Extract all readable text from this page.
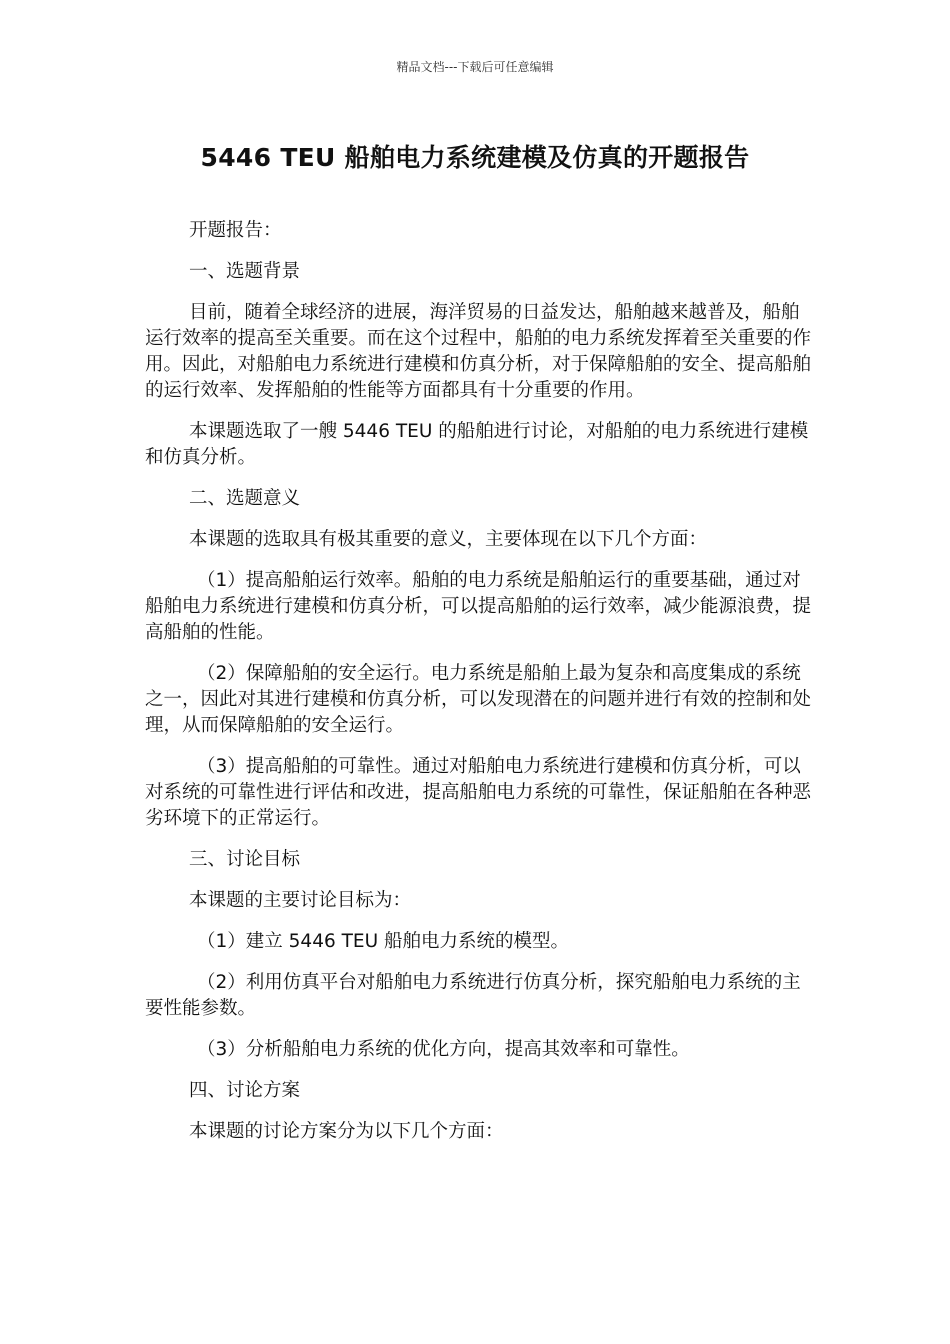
精品文档---下载后可任意编辑
5446 TEU 船舶电力系统建模及仿真的开题报告

开题报告：

一、选题背景

目前，随着全球经济的进展，海洋贸易的日益发达，船舶越来越普及，船舶运行效率的提高至关重要。而在这个过程中，船舶的电力系统发挥着至关重要的作用。因此，对船舶电力系统进行建模和仿真分析，对于保障船舶的安全、提高船舶的运行效率、发挥船舶的性能等方面都具有十分重要的作用。

本课题选取了一艘 5446 TEU 的船舶进行讨论，对船舶的电力系统进行建模和仿真分析。

二、选题意义

本课题的选取具有极其重要的意义，主要体现在以下几个方面：

（1）提高船舶运行效率。船舶的电力系统是船舶运行的重要基础，通过对船舶电力系统进行建模和仿真分析，可以提高船舶的运行效率，减少能源浪费，提高船舶的性能。

（2）保障船舶的安全运行。电力系统是船舶上最为复杂和高度集成的系统之一，因此对其进行建模和仿真分析，可以发现潜在的问题并进行有效的控制和处理，从而保障船舶的安全运行。

（3）提高船舶的可靠性。通过对船舶电力系统进行建模和仿真分析，可以对系统的可靠性进行评估和改进，提高船舶电力系统的可靠性，保证船舶在各种恶劣环境下的正常运行。

三、讨论目标

本课题的主要讨论目标为：

（1）建立 5446 TEU 船舶电力系统的模型。

（2）利用仿真平台对船舶电力系统进行仿真分析，探究船舶电力系统的主要性能参数。

（3）分析船舶电力系统的优化方向，提高其效率和可靠性。

四、讨论方案

本课题的讨论方案分为以下几个方面：
